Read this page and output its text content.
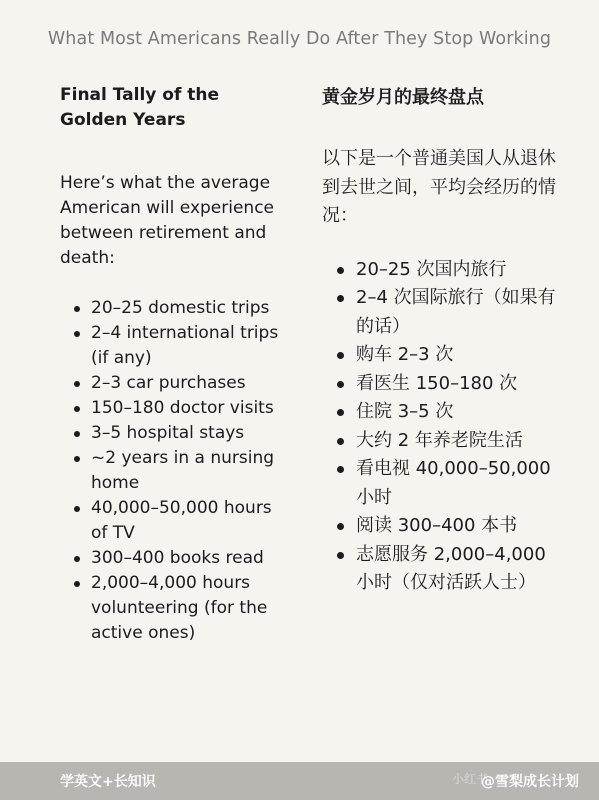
What Most Americans Really Do After They Stop Working
Final Tally of the Golden Years

Here’s what the average American will experience between retirement and death:

20–25 domestic trips
2–4 international trips (if any)
2–3 car purchases
150–180 doctor visits
3–5 hospital stays
~2 years in a nursing home
40,000–50,000 hours of TV
300–400 books read
2,000–4,000 hours volunteering (for the active ones)
黄金岁月的最终盘点

以下是一个普通美国人从退休到去世之间，平均会经历的情况：

20–25 次国内旅行
2–4 次国际旅行（如果有的话）
购车 2–3 次
看医生 150–180 次
住院 3–5 次
大约 2 年养老院生活
看电视 40,000–50,000 小时
阅读 300–400 本书
志愿服务 2,000–4,000 小时（仅对活跃人士）
学英文+长知识	小红书
@雪梨成长计划
